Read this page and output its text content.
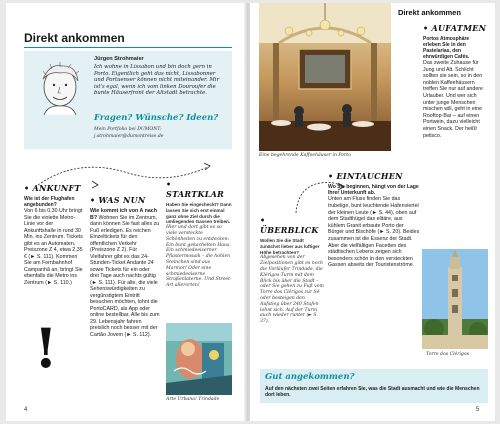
Direkt ankommen
Jürgen Strohmaier
Ich wohne in Lissabon und bin doch gern in Porto. Eigentlich geht das nicht, Lissabonner und Portuenser können nicht miteinander. Mir ist's egal, wenn ich vom linken Douroufer die bunte Häuserfront der Altstadt betrachte.
Fragen? Wünsche? Ideen?
Mein Portfolio bei DUMONT:
j.strohmaier@dumontreise.de
• ANKUNFT
Wie ist der Flughafen angebunden?
Von 6 bis 0.30 Uhr bringt Sie die violette Metro-Linie vor der Ankunftshalle in rund 30 Min. ins Zentrum. Tickets gibt es an Automaten, Preiszone Z 4, etwa 2,35 € (► S. 111). Kommen Sie am Fernbahnhof Campanhã an, bringt Sie ebenfalls die Metro ins Zentrum (► S. 110.)
!
• WAS NUN
Wie kommt ich von A nach B? Wohnen Sie im Zentrum, dann können Sie fast alles zu Fuß erledigen. Es reichen Einzeltickets für den öffentlichen Verkehr (Preiszone Z 2). Für Vielfahrer gibt es das 24-Stunden-Ticket Andante 24 sowie Tickets für ein oder drei Tage auch nachts gültig (► S. 111). Für alle, die viele Sehenswürdigkeiten zu vergünstigtem Eintritt besuchen möchten, lohnt die PortoCARD, als App oder online bestellbar. Alle bis zum 29. Lebensjahr fahren preislich noch besser mit der Cartão Jovem (► S. 112).
• STARTKLAR
Haben Sie eingecheckt? Dann lassen Sie sich erst einmal ganz ohne Ziel durch die umliegenden Gassen treiben.
Hier und dort gibt es so viele versteckte Schönheiten zu entdecken: Ein bunt gekachelten Haus. Ein schmiedeeiserner Pflastermosaik – die hohlen Steinchen sind aus Marmor! Oder eine schmiedeeiserne Straßenlaterne. Und Street-Art allerorten!
Arte Urbana! Trindade
4
Direkt ankommen
Eine begehrende Kaffeehäuser in Porto
• AUFATMEN
Portos Atmosphäre erleben Sie in den Pastelarias, den ehrwürdigen Cafés.
Das zweite Zuhause für Jung und Alt. Schlicht sollten sie sein, so in den noblen Kaffeehäusern treffen Sie nur auf andere Urlauber. Und wer sich unter junge Menschen mischen will, geht in eine Rooftop-Bar – auf einen Portwein, dazu vielleicht einen Snack. Der heißt petisco.
• EINTAUCHEN
Wo Sie beginnen, hängt von der Lage Ihrer Unterkunft ab.
Unten am Fluss finden Sie das trubelige, bunt leuchtende Hafenviertel der kleinen Leute (► S. 44), oben auf dem Stadthügel das elitäre, aus kühlem Granit erbaute Porto der Bürger und Bischöfe (► S. 20). Beides zusammen ist die Essenz der Stadt. Aber die vielfältigen Facetten des städtischen Lebens zeigen sich besonders schön in den versteckten Gassen abseits der Touristenströme.
• ÜBERBLICK
Wollen Sie die Stadt zunächst lieber aus luftiger Höhe betrachten?
Abgesehen von der Zielpositionen gibt es noch die Vorläufer Trindade, die Klérigos-Turm mit dem Blick bis über die Stadt – oder Sie gehen zu Fuß vom Torre dos Clérigos zur Sé oder besteigen den Aufstieg über 240 Stufen lohnt sich. Auf der Turm auch wieder runter (► S. 37).
Torre dos Clérigos
Gut angekommen?
Auf den nächsten zwei Seiten erfahren Sie, was die Stadt ausmacht und wie die Menschen dort leben.
5
